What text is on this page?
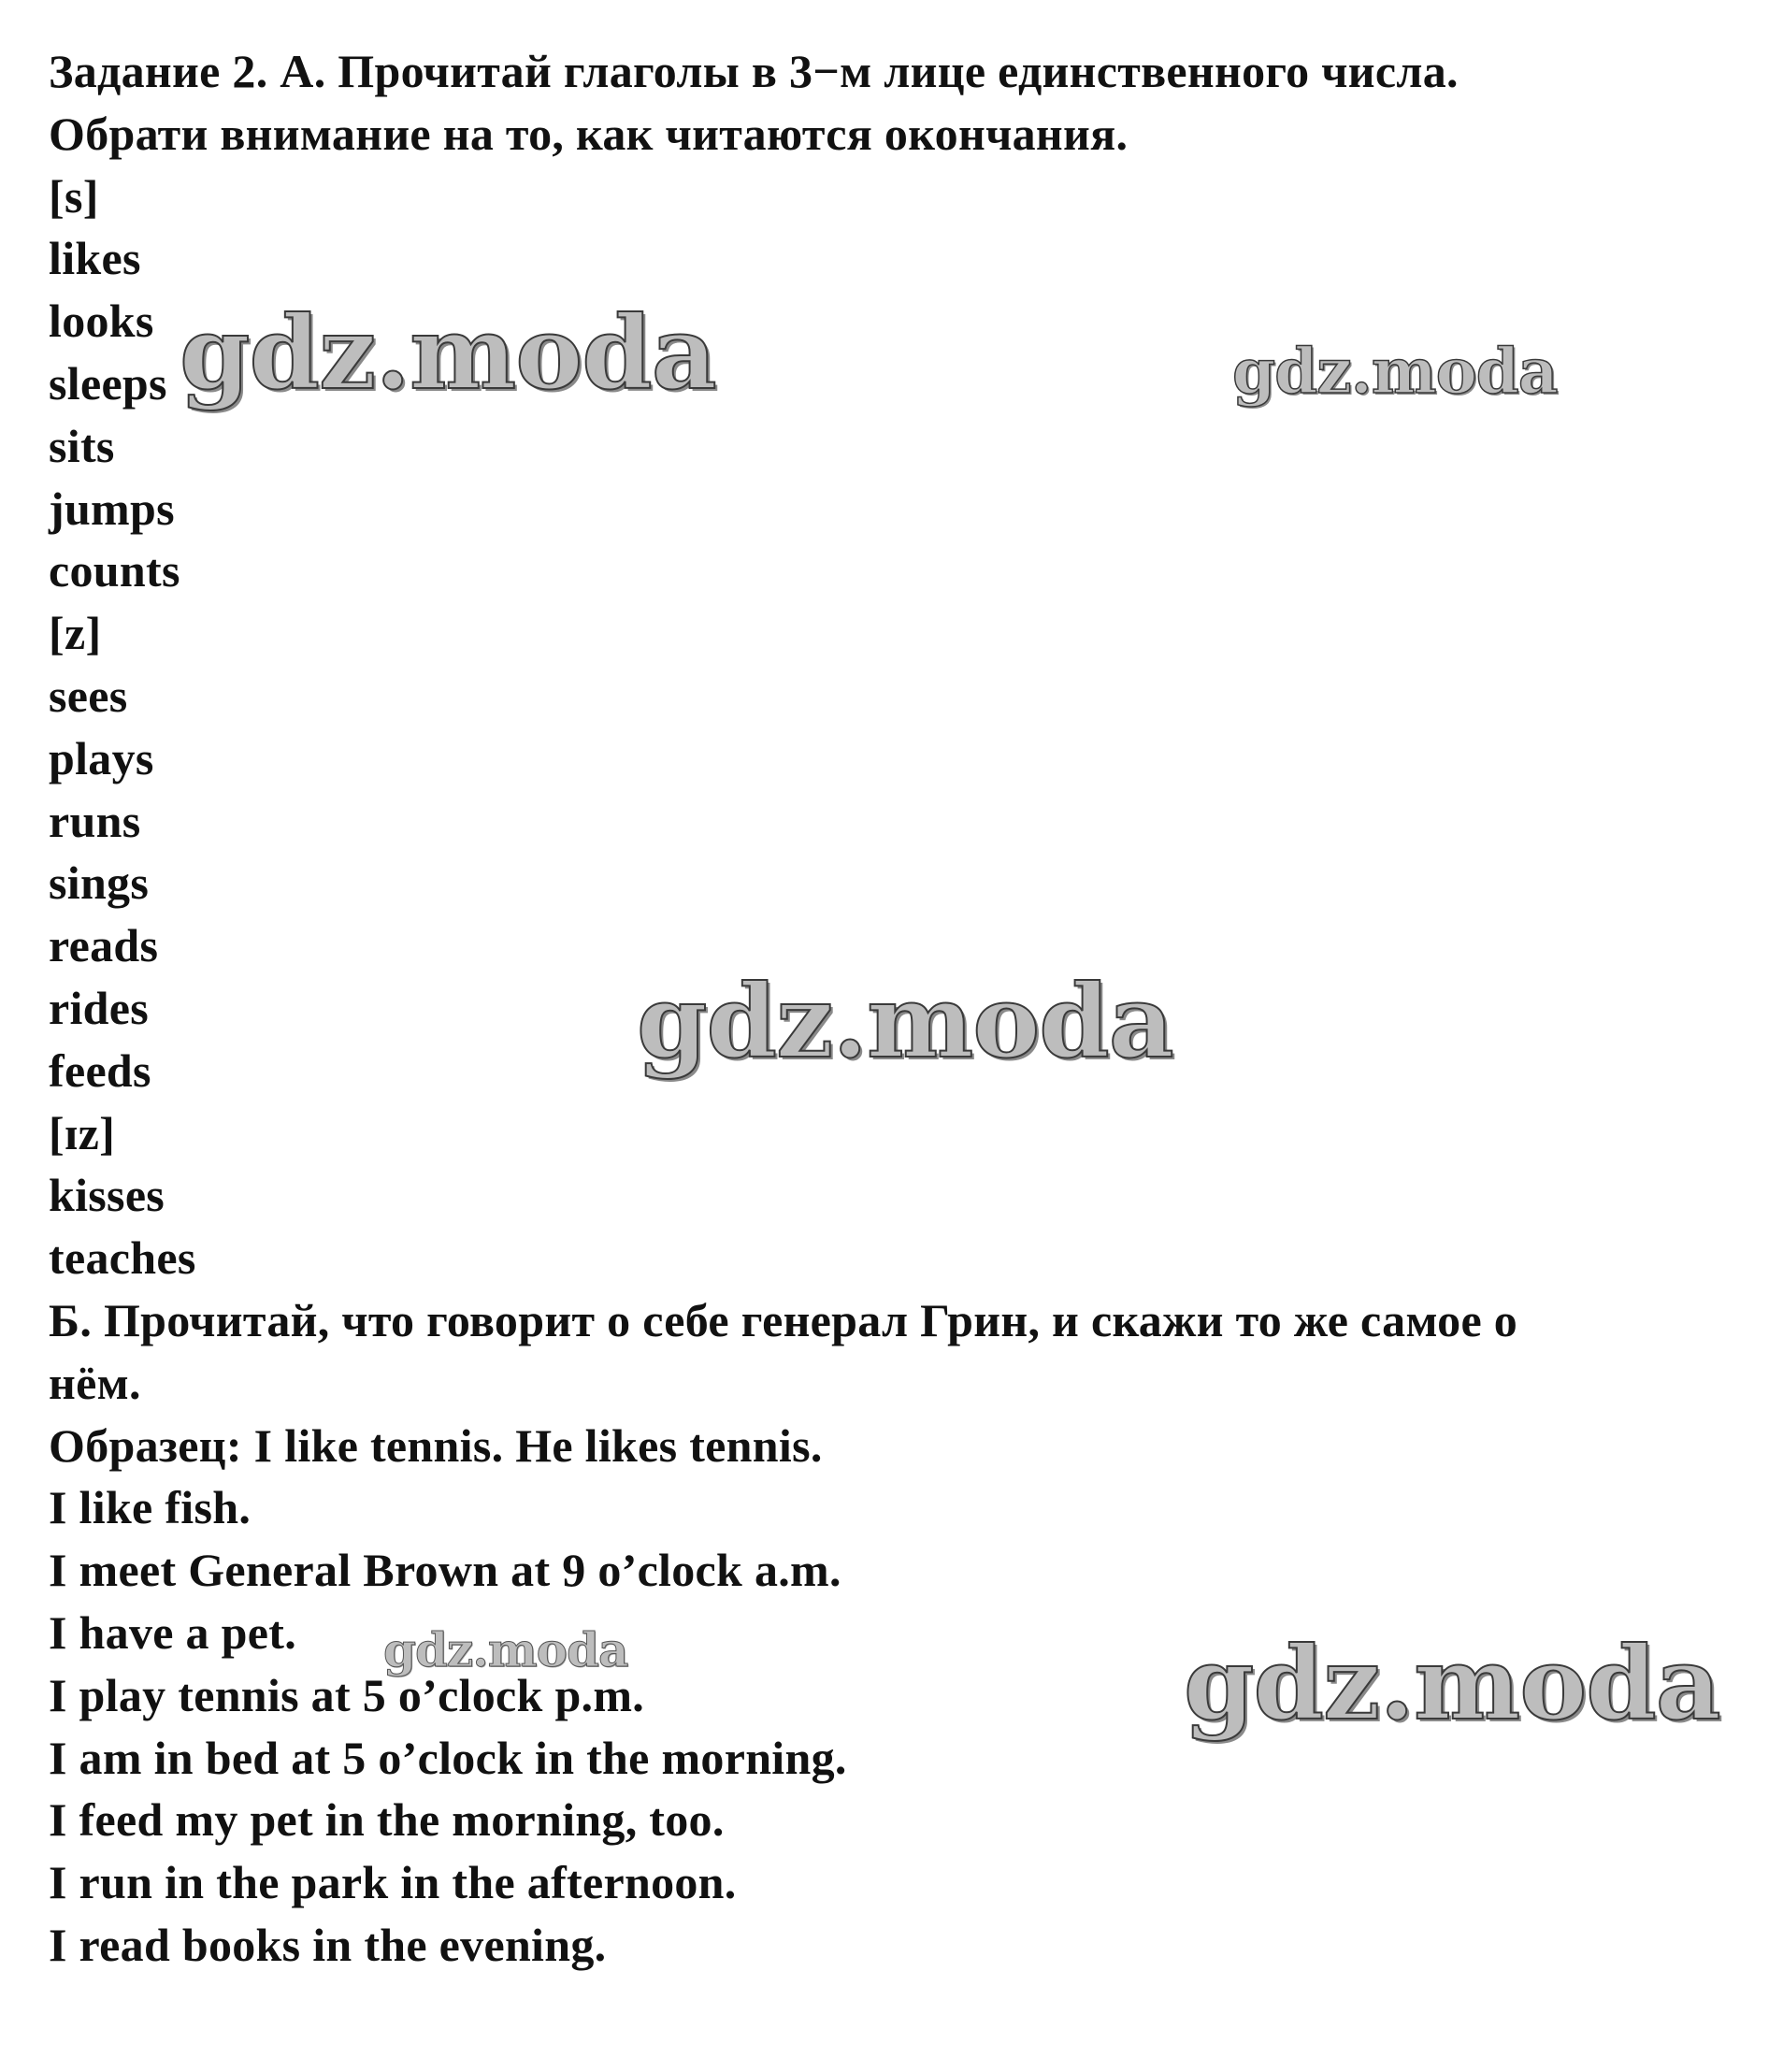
Задание 2. А. Прочитай глаголы в 3−м лице единственного числа.
Обрати внимание на то, как читаются окончания.
[s]
likes
looks
sleeps
sits
jumps
counts
[z]
sees
plays
runs
sings
reads
rides
feeds
[ɪz]
kisses
teaches
Б. Прочитай, что говорит о себе генерал Грин, и скажи то же самое о
нём.
Образец: I like tennis. He likes tennis.
I like fish.
I meet General Brown at 9 o’clock a.m.
I have a pet.
I play tennis at 5 o’clock p.m.
I am in bed at 5 o’clock in the morning.
I feed my pet in the morning, too.
I run in the park in the afternoon.
I read books in the evening.
gdz.moda	gdz.moda
gdz.moda
gdz.moda	gdz.moda
